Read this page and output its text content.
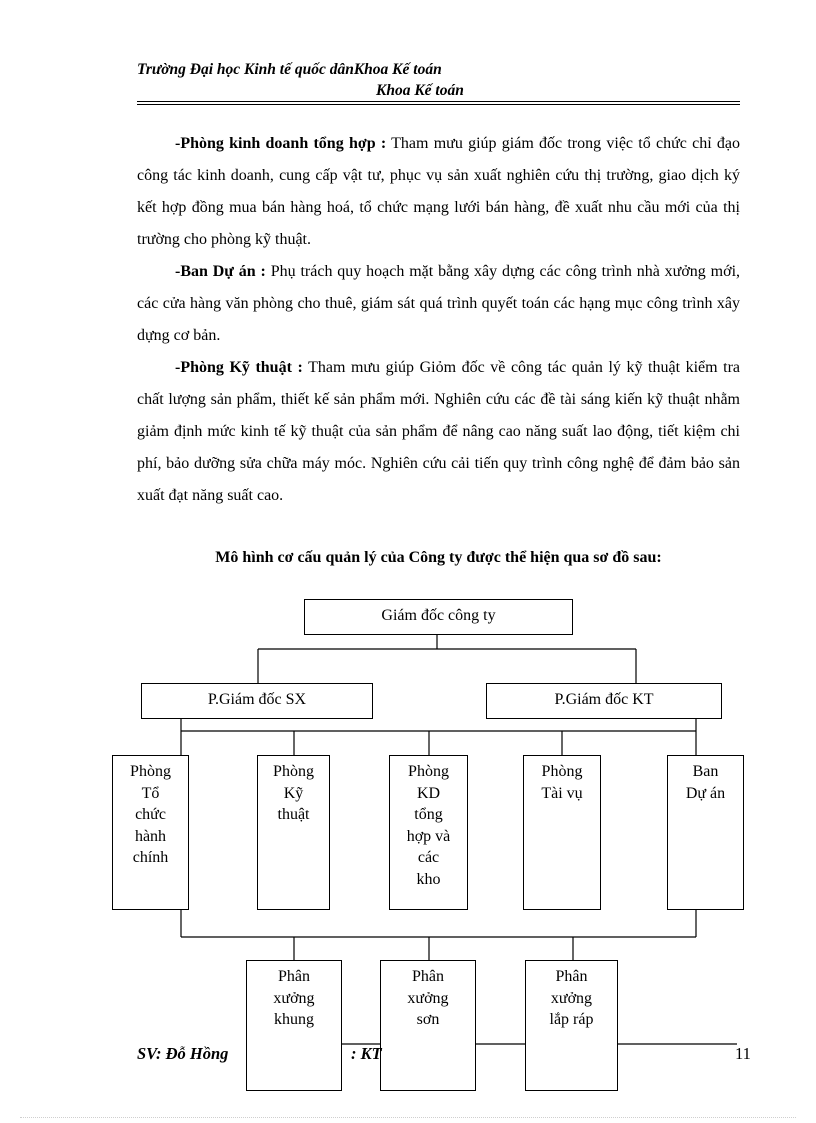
Trường Đại học Kinh tế quốc dânKhoa Kế toán
Khoa Kế toán

-Phòng kinh doanh tổng hợp : Tham mưu giúp giám đốc trong việc tổ chức chỉ đạo công tác kinh doanh, cung cấp vật tư, phục vụ sản xuất nghiên cứu thị trường, giao dịch ký kết hợp đồng mua bán hàng hoá, tổ chức mạng lưới bán hàng, đề xuất nhu cầu mới của thị trường cho phòng kỹ thuật.

-Ban Dự án : Phụ trách quy hoạch mặt bằng xây dựng các công trình nhà xưởng mới, các cửa hàng văn phòng cho thuê, giám sát quá trình quyết toán các hạng mục công trình xây dựng cơ bản.

-Phòng Kỹ thuật : Tham mưu giúp Giỏm đốc về công tác quản lý kỹ thuật kiểm tra chất lượng sản phẩm, thiết kế sản phẩm mới. Nghiên cứu các đề tài sáng kiến kỹ thuật nhằm giảm định mức kinh tế kỹ thuật của sản phẩm để nâng cao năng suất lao động, tiết kiệm chi phí, bảo dưỡng sửa chữa máy móc. Nghiên cứu cải tiến quy trình công nghệ để đảm bảo sản xuất đạt năng suất cao.

Mô hình cơ cấu quản lý của Công ty được thể hiện qua sơ đồ sau:
Giám đốc công ty
P.Giám đốc SX	P.Giám đốc KT
Phòng
Tổ
chức
hành
chính
Phòng
Kỹ
thuật
Phòng
KD
tổng
hợp và
các
kho
Phòng
Tài vụ
Ban
Dự án
Phân
xưởng
khung
Phân
xưởng
sơn
Phân
xưởng
lắp ráp
SV: Đỗ Hồng	: KT	11
